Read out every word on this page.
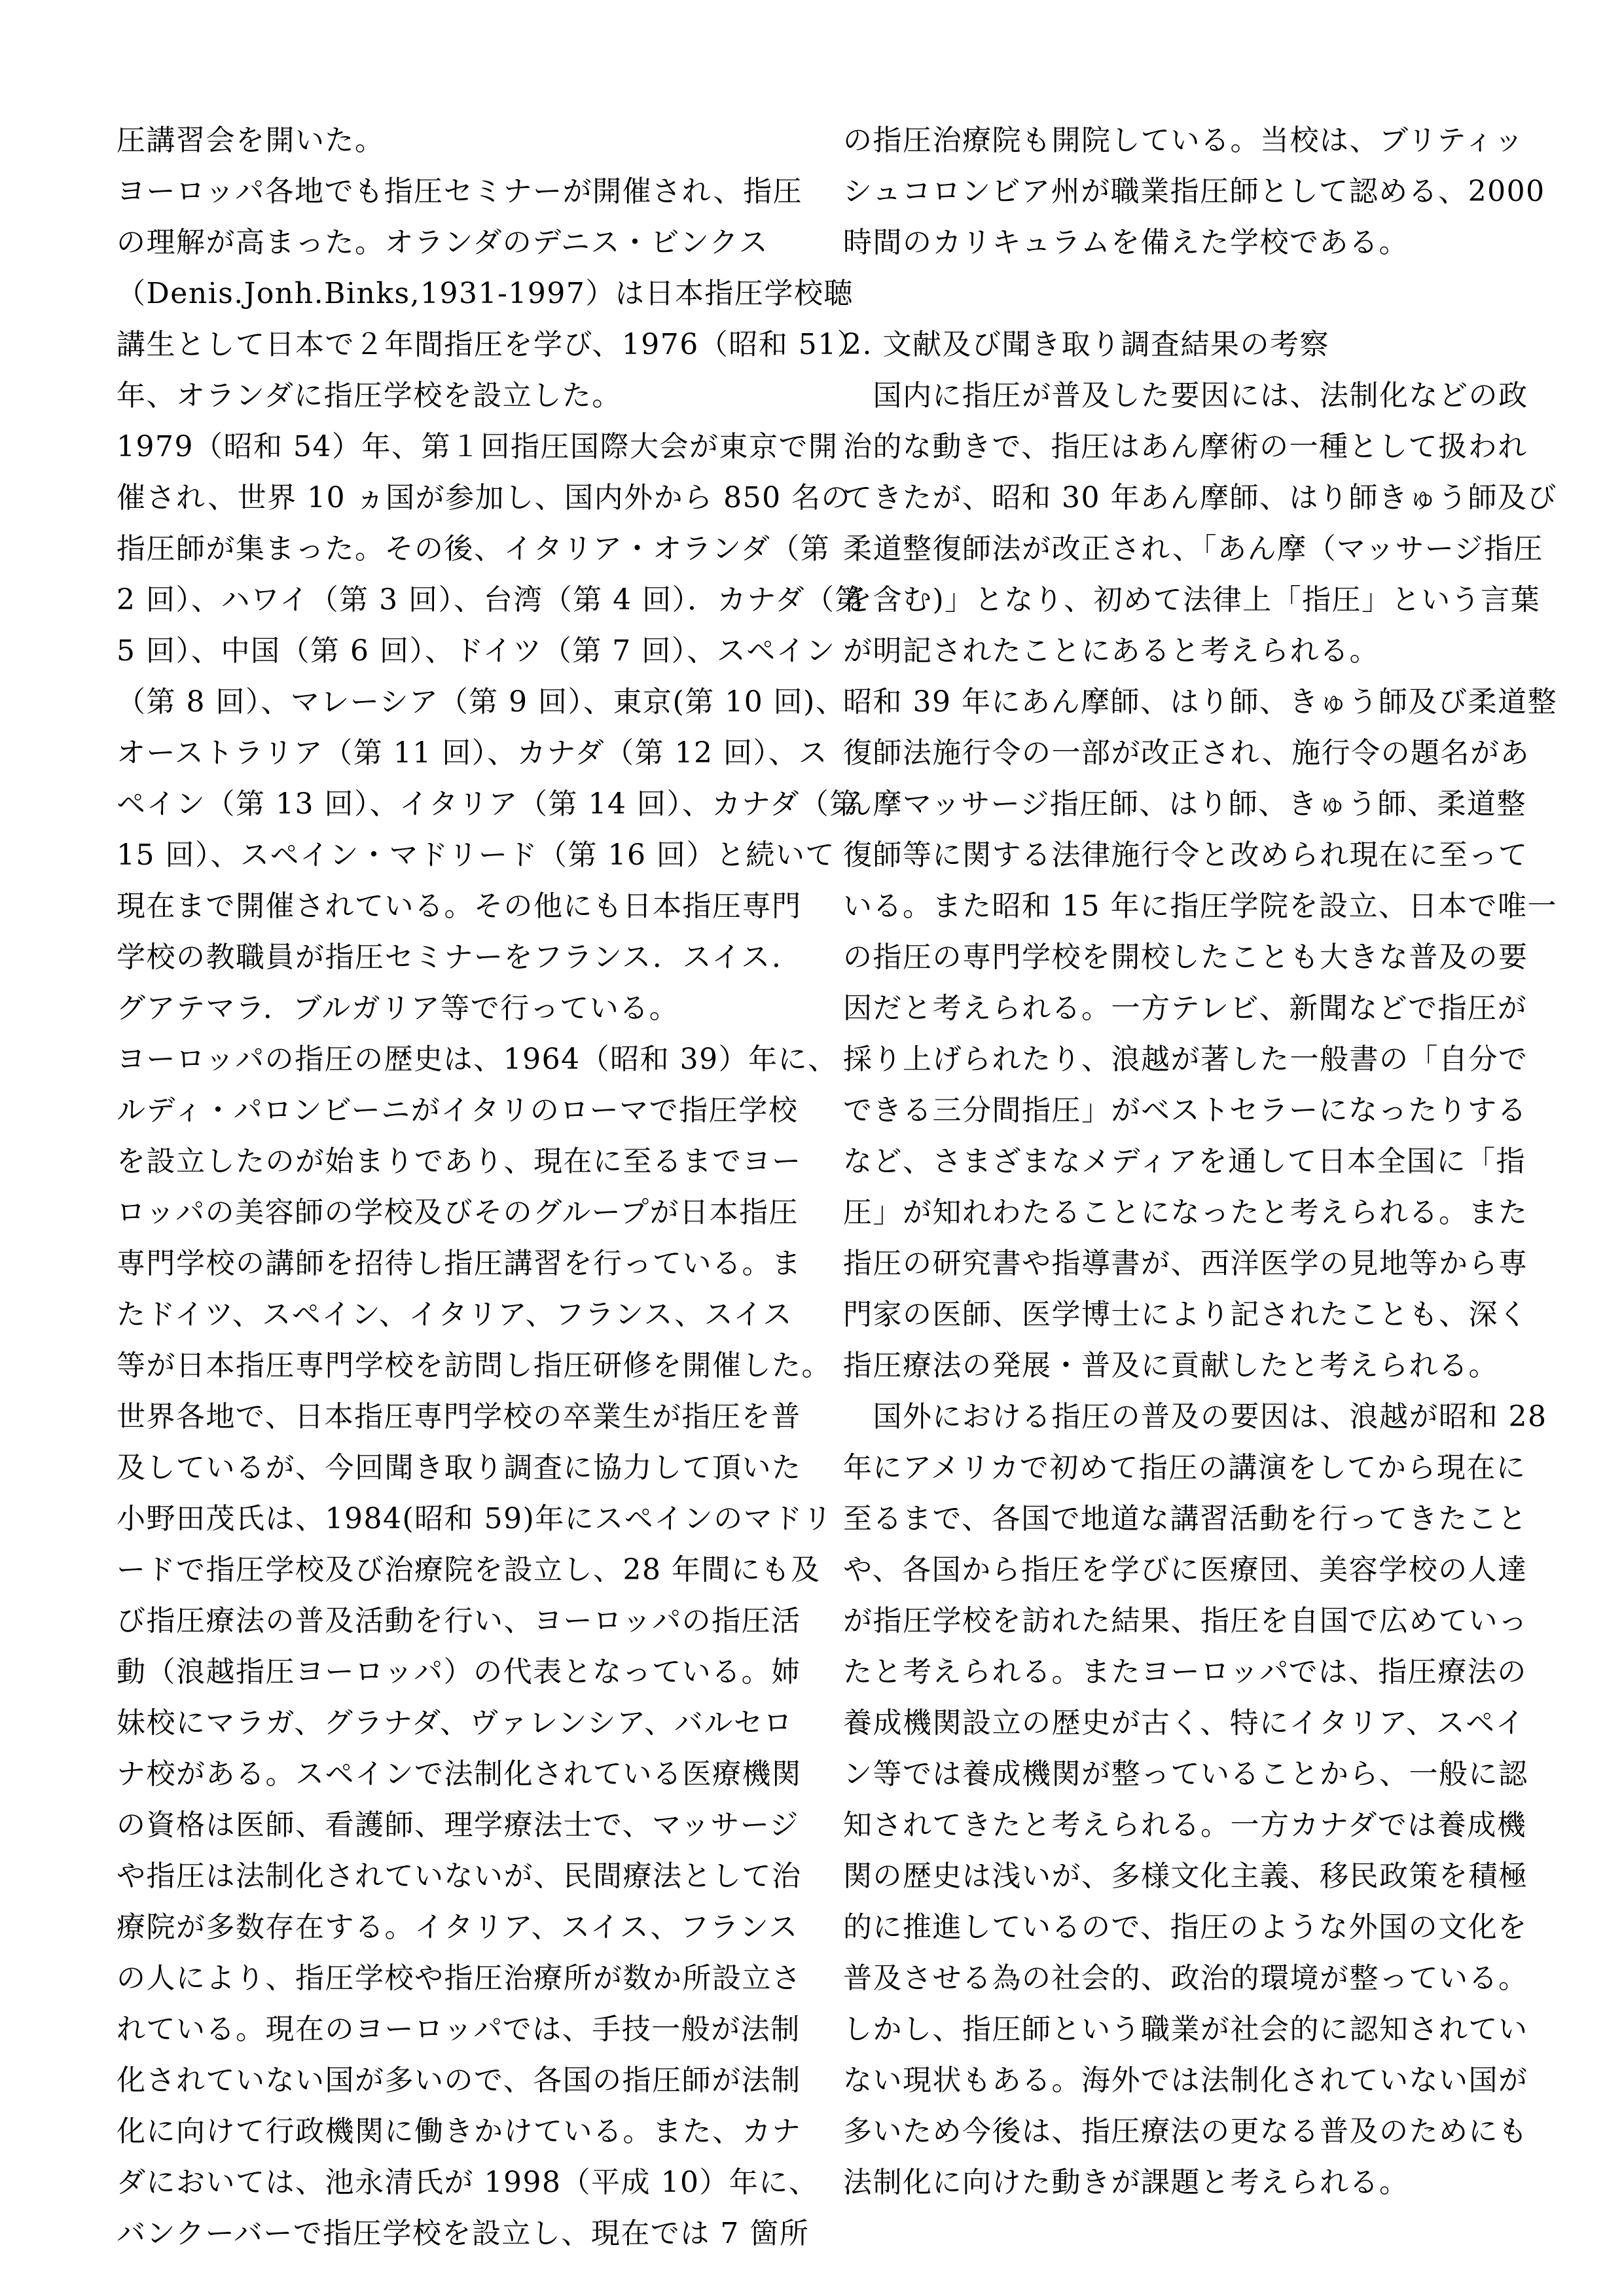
圧講習会を開いた。
ヨーロッパ各地でも指圧セミナーが開催され、指圧
の理解が高まった。オランダのデニス・ビンクス
（Denis.Jonh.Binks,1931-1997）は日本指圧学校聴
講生として日本で２年間指圧を学び、1976（昭和 51）
年、オランダに指圧学校を設立した。
1979（昭和 54）年、第１回指圧国際大会が東京で開
催され、世界 10 ヵ国が参加し、国内外から 850 名の
指圧師が集まった。その後、イタリア・オランダ（第
2 回）、ハワイ（第 3 回）、台湾（第 4 回）．カナダ（第
5 回）、中国（第 6 回）、ドイツ（第 7 回）、スペイン
（第 8 回）、マレーシア（第 9 回）、東京(第 10 回)、
オーストラリア（第 11 回）、カナダ（第 12 回）、ス
ペイン（第 13 回）、イタリア（第 14 回）、カナダ（第
15 回）、スペイン・マドリード（第 16 回）と続いて
現在まで開催されている。その他にも日本指圧専門
学校の教職員が指圧セミナーをフランス．スイス．
グアテマラ．ブルガリア等で行っている。
ヨーロッパの指圧の歴史は、1964（昭和 39）年に、
ルディ・パロンビーニがイタリのローマで指圧学校
を設立したのが始まりであり、現在に至るまでヨー
ロッパの美容師の学校及びそのグループが日本指圧
専門学校の講師を招待し指圧講習を行っている。ま
たドイツ、スペイン、イタリア、フランス、スイス
等が日本指圧専門学校を訪問し指圧研修を開催した。
世界各地で、日本指圧専門学校の卒業生が指圧を普
及しているが、今回聞き取り調査に協力して頂いた
小野田茂氏は、1984(昭和 59)年にスペインのマドリ
ードで指圧学校及び治療院を設立し、28 年間にも及
び指圧療法の普及活動を行い、ヨーロッパの指圧活
動（浪越指圧ヨーロッパ）の代表となっている。姉
妹校にマラガ、グラナダ、ヴァレンシア、バルセロ
ナ校がある。スペインで法制化されている医療機関
の資格は医師、看護師、理学療法士で、マッサージ
や指圧は法制化されていないが、民間療法として治
療院が多数存在する。イタリア、スイス、フランス
の人により、指圧学校や指圧治療所が数か所設立さ
れている。現在のヨーロッパでは、手技一般が法制
化されていない国が多いので、各国の指圧師が法制
化に向けて行政機関に働きかけている。また、カナ
ダにおいては、池永清氏が 1998（平成 10）年に、
バンクーバーで指圧学校を設立し、現在では 7 箇所
の指圧治療院も開院している。当校は、ブリティッ
シュコロンビア州が職業指圧師として認める、2000
時間のカリキュラムを備えた学校である。
2. 文献及び聞き取り調査結果の考察
　国内に指圧が普及した要因には、法制化などの政
治的な動きで、指圧はあん摩術の一種として扱われ
てきたが、昭和 30 年あん摩師、はり師きゅう師及び
柔道整復師法が改正され、「あん摩（マッサージ指圧
を含む)」となり、初めて法律上「指圧」という言葉
が明記されたことにあると考えられる。
昭和 39 年にあん摩師、はり師、きゅう師及び柔道整
復師法施行令の一部が改正され、施行令の題名があ
ん摩マッサージ指圧師、はり師、きゅう師、柔道整
復師等に関する法律施行令と改められ現在に至って
いる。また昭和 15 年に指圧学院を設立、日本で唯一
の指圧の専門学校を開校したことも大きな普及の要
因だと考えられる。一方テレビ、新聞などで指圧が
採り上げられたり、浪越が著した一般書の「自分で
できる三分間指圧」がベストセラーになったりする
など、さまざまなメディアを通して日本全国に「指
圧」が知れわたることになったと考えられる。また
指圧の研究書や指導書が、西洋医学の見地等から専
門家の医師、医学博士により記されたことも、深く
指圧療法の発展・普及に貢献したと考えられる。
　国外における指圧の普及の要因は、浪越が昭和 28
年にアメリカで初めて指圧の講演をしてから現在に
至るまで、各国で地道な講習活動を行ってきたこと
や、各国から指圧を学びに医療団、美容学校の人達
が指圧学校を訪れた結果、指圧を自国で広めていっ
たと考えられる。またヨーロッパでは、指圧療法の
養成機関設立の歴史が古く、特にイタリア、スペイ
ン等では養成機関が整っていることから、一般に認
知されてきたと考えられる。一方カナダでは養成機
関の歴史は浅いが、多様文化主義、移民政策を積極
的に推進しているので、指圧のような外国の文化を
普及させる為の社会的、政治的環境が整っている。
しかし、指圧師という職業が社会的に認知されてい
ない現状もある。海外では法制化されていない国が
多いため今後は、指圧療法の更なる普及のためにも
法制化に向けた動きが課題と考えられる。
